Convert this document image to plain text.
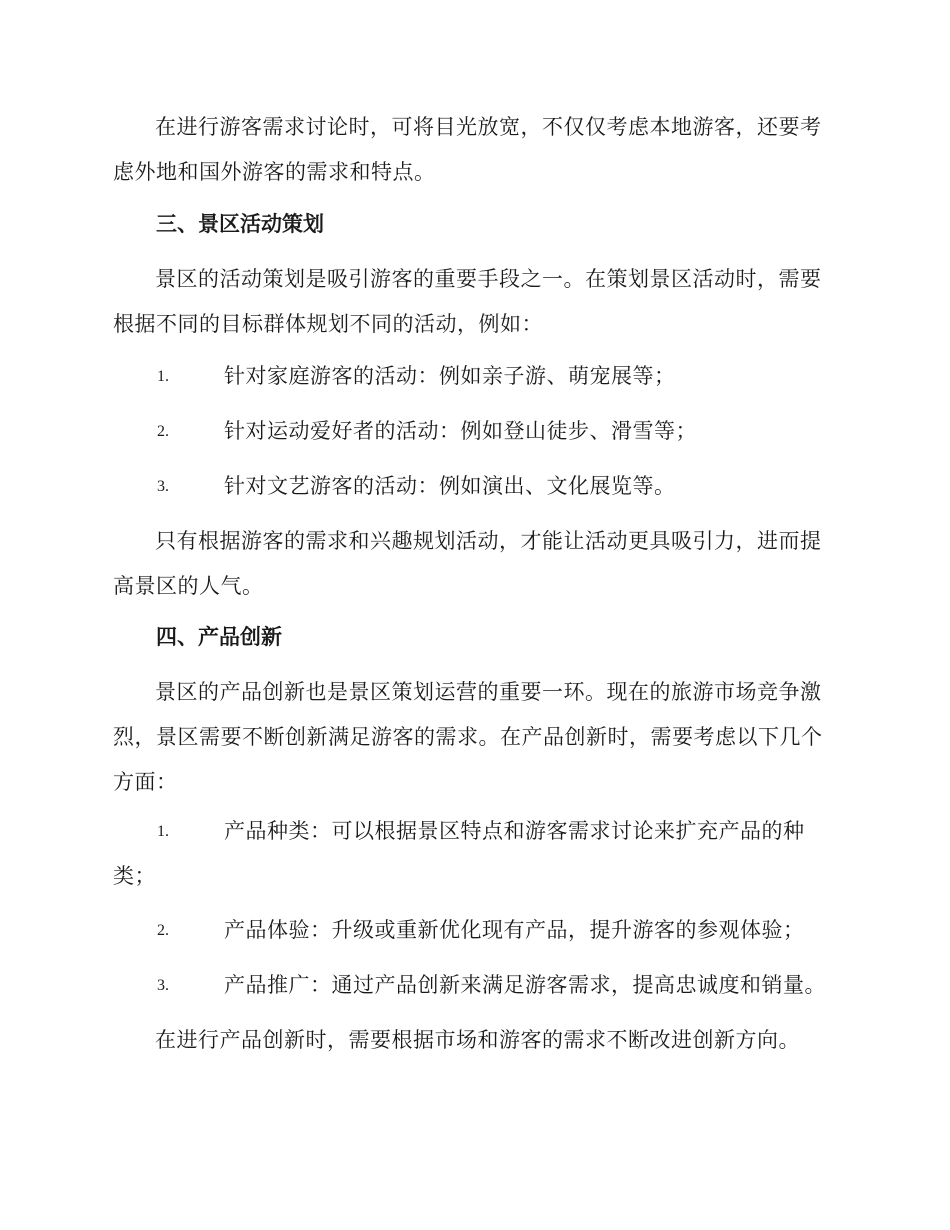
在进行游客需求讨论时，可将目光放宽，不仅仅考虑本地游客，还要考虑外地和国外游客的需求和特点。

三、景区活动策划

景区的活动策划是吸引游客的重要手段之一。在策划景区活动时，需要根据不同的目标群体规划不同的活动，例如：

1.	针对家庭游客的活动：例如亲子游、萌宠展等；
2.	针对运动爱好者的活动：例如登山徒步、滑雪等；
3.	针对文艺游客的活动：例如演出、文化展览等。

只有根据游客的需求和兴趣规划活动，才能让活动更具吸引力，进而提高景区的人气。

四、产品创新

景区的产品创新也是景区策划运营的重要一环。现在的旅游市场竞争激烈，景区需要不断创新满足游客的需求。在产品创新时，需要考虑以下几个方面：

1.	产品种类：可以根据景区特点和游客需求讨论来扩充产品的种类；
2.	产品体验：升级或重新优化现有产品，提升游客的参观体验；
3.	产品推广：通过产品创新来满足游客需求，提高忠诚度和销量。

在进行产品创新时，需要根据市场和游客的需求不断改进创新方向。
